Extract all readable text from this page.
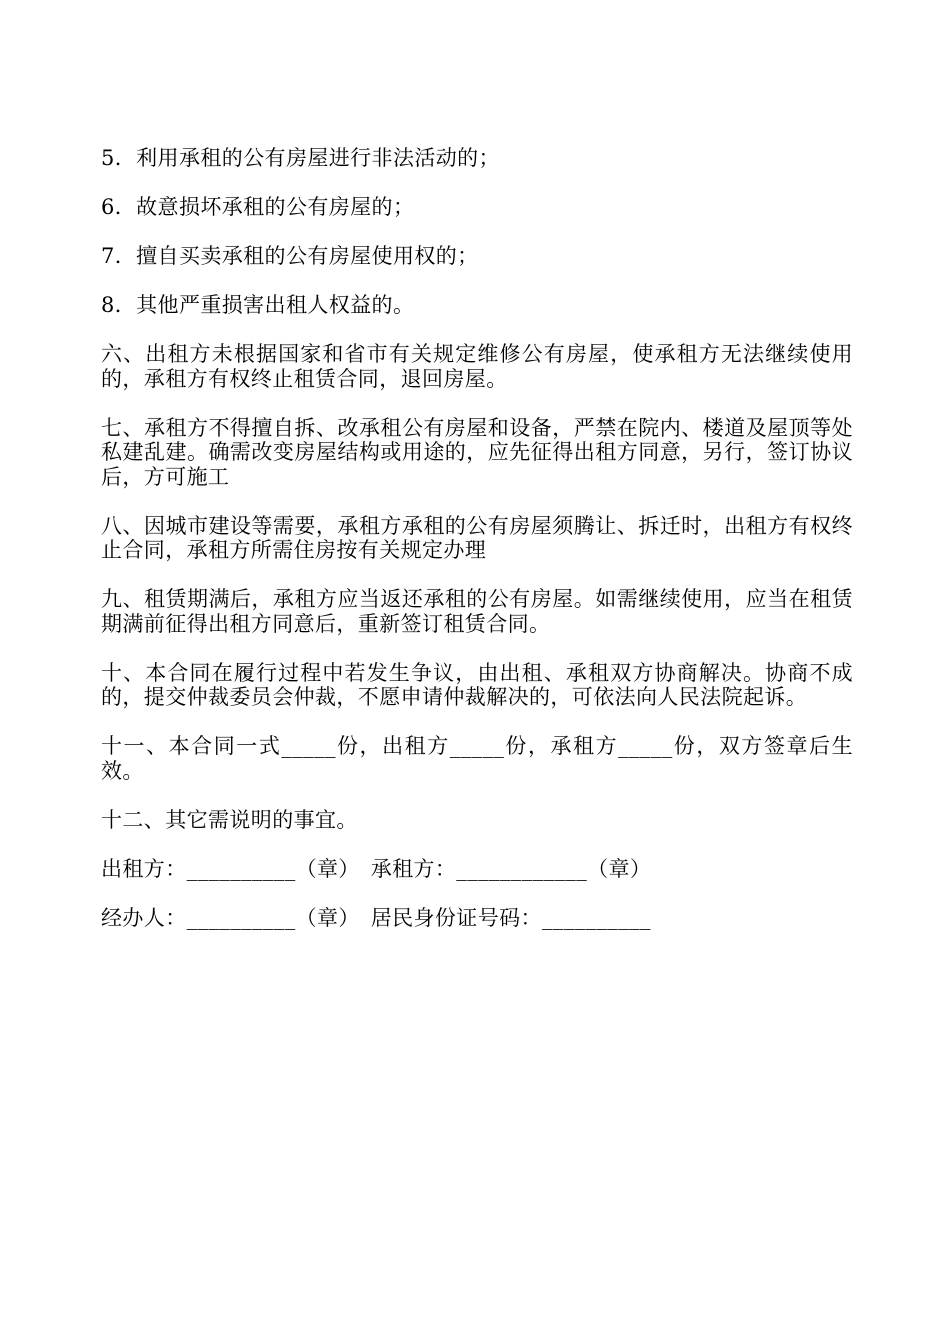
5．利用承租的公有房屋进行非法活动的；

6．故意损坏承租的公有房屋的；

7．擅自买卖承租的公有房屋使用权的；

8．其他严重损害出租人权益的。

六、出租方未根据国家和省市有关规定维修公有房屋，使承租方无法继续使用的，承租方有权终止租赁合同，退回房屋。

七、承租方不得擅自拆、改承租公有房屋和设备，严禁在院内、楼道及屋顶等处私建乱建。确需改变房屋结构或用途的，应先征得出租方同意，另行，签订协议后，方可施工

八、因城市建设等需要，承租方承租的公有房屋须腾让、拆迁时，出租方有权终止合同，承租方所需住房按有关规定办理

九、租赁期满后，承租方应当返还承租的公有房屋。如需继续使用，应当在租赁期满前征得出租方同意后，重新签订租赁合同。

十、本合同在履行过程中若发生争议，由出租、承租双方协商解决。协商不成的，提交仲裁委员会仲裁，不愿申请仲裁解决的，可依法向人民法院起诉。

十一、本合同一式_____份，出租方_____份，承租方_____份，双方签章后生效。

十二、其它需说明的事宜。

出租方：__________（章）　承租方：____________（章）

经办人：__________（章）　居民身份证号码：__________
